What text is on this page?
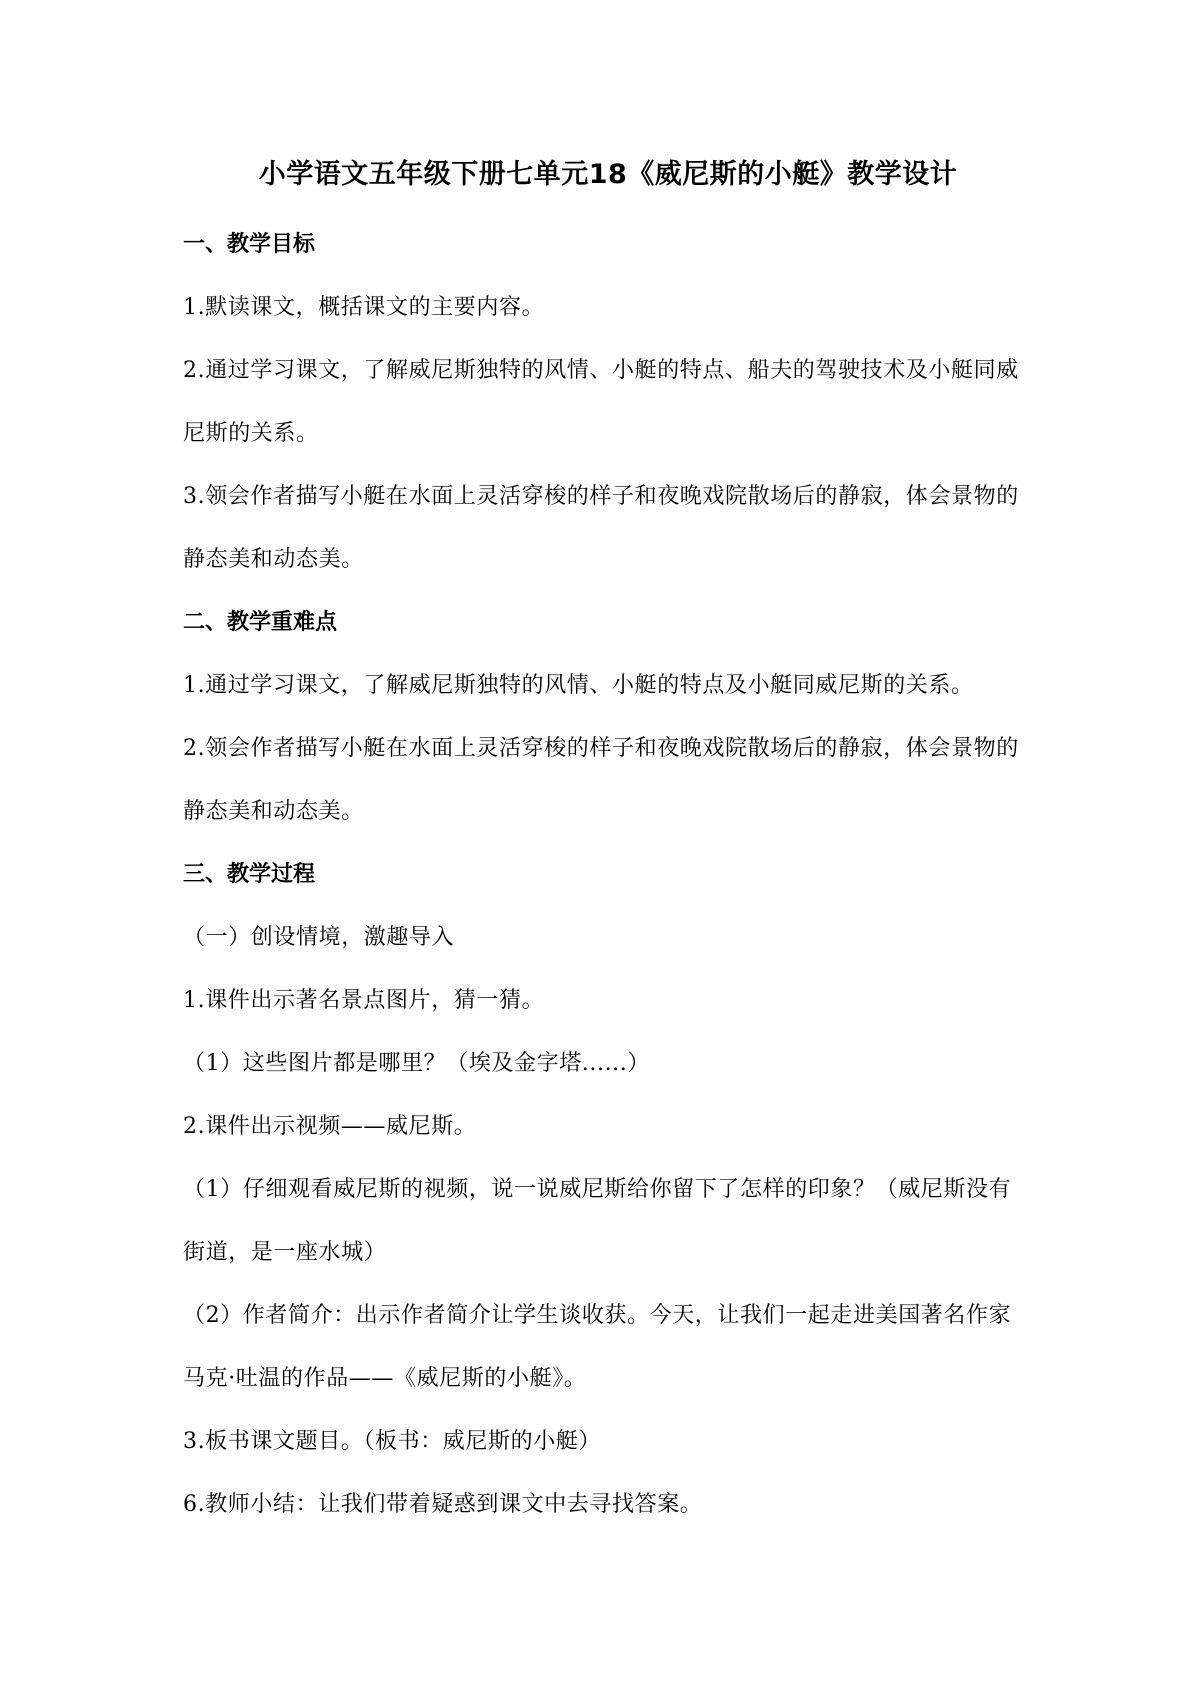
小学语文五年级下册七单元18《威尼斯的小艇》教学设计
一、教学目标
1.默读课文，概括课文的主要内容。
2.通过学习课文，了解威尼斯独特的风情、小艇的特点、船夫的驾驶技术及小艇同威尼斯的关系。
3.领会作者描写小艇在水面上灵活穿梭的样子和夜晚戏院散场后的静寂，体会景物的静态美和动态美。
二、教学重难点
1.通过学习课文，了解威尼斯独特的风情、小艇的特点及小艇同威尼斯的关系。
2.领会作者描写小艇在水面上灵活穿梭的样子和夜晚戏院散场后的静寂，体会景物的静态美和动态美。
三、教学过程
（一）创设情境，激趣导入
1.课件出示著名景点图片，猜一猜。
（1）这些图片都是哪里？（埃及金字塔......）
2.课件出示视频——威尼斯。
（1）仔细观看威尼斯的视频，说一说威尼斯给你留下了怎样的印象？（威尼斯没有街道，是一座水城）
（2）作者简介：出示作者简介让学生谈收获。今天，让我们一起走进美国著名作家马克·吐温的作品——《威尼斯的小艇》。
3.板书课文题目。（板书：威尼斯的小艇）
6.教师小结：让我们带着疑惑到课文中去寻找答案。
